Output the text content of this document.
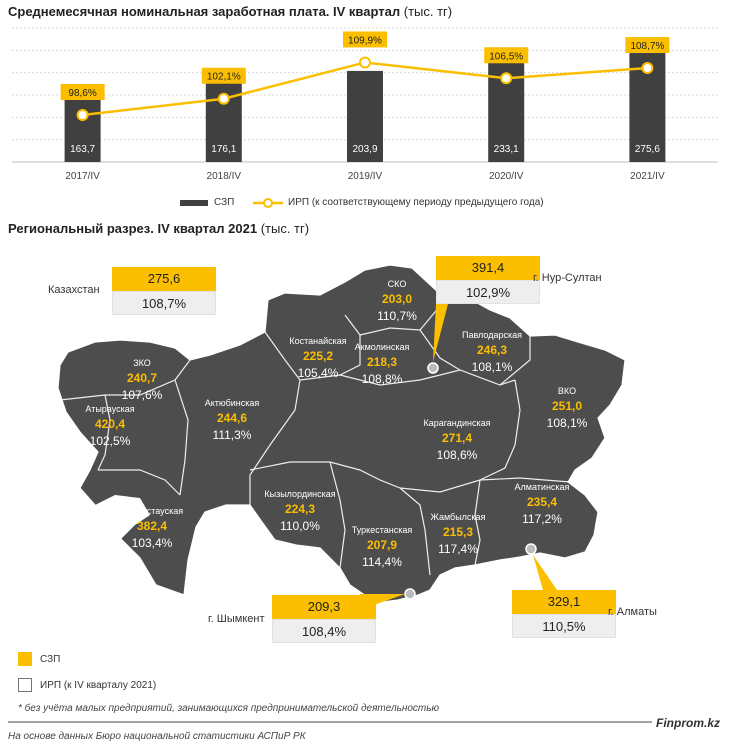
Среднемесячная номинальная заработная плата. IV квартал (тыс. тг)
163,7
2017/IV
176,1
2018/IV
203,9
2019/IV
233,1
2020/IV
275,6
2021/IV
98,6%
102,1%
109,9%
106,5%
108,7%
СЗП	ИРП (к соответствующему периоду предыдущего года)
Региональный разрез. IV квартал 2021 (тыс. тг)
ЗКО
240,7
107,6%
Атырауская
420,4
102,5%
Мангистауская
382,4
103,4%
Актюбинская
244,6
111,3%
Костанайская
225,2
105,4%
СКО
203,0
110,7%
Акмолинская
218,3
108,8%
Павлодарская
246,3
108,1%
ВКО
251,0
108,1%
Карагандинская
271,4
108,6%
Кызылординская
224,3
110,0%	Туркестанская
207,9
114,4%
Жамбылская
215,3
117,4%
Алматинская
235,4
117,2%
Казахстан
275,6
108,7%
391,4
102,9%
г. Нур-Султан
г. Шымкент
209,3
108,4%
329,1
110,5%
г. Алматы
СЗП
ИРП (к IV кварталу 2021)
* без учёта малых предприятий, занимающихся предпринимательской деятельностью
Finprom.kz
На основе данных Бюро национальной статистики АСПиР РК
